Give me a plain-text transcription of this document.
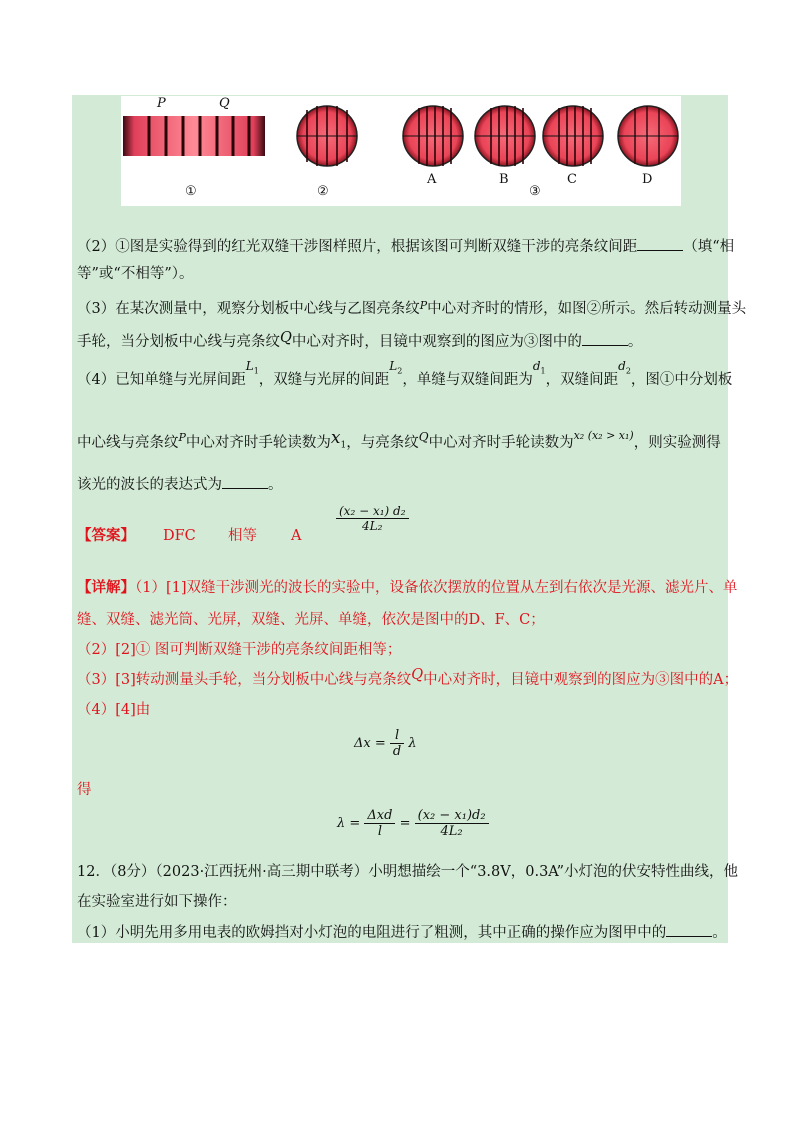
P	Q
①	②
A	B	C	D
③
（2）①图是实验得到的红光双缝干涉图样照片，根据该图可判断双缝干涉的亮条纹间距	（填“相
等”或“不相等”）。
（3）在某次测量中，观察分划板中心线与乙图亮条纹$^P$中心对齐时的情形，如图②所示。然后转动测量头
手轮，当分划板中心线与亮条纹Q中心对齐时，目镜中观察到的图应为③图中的	。
（4）已知单缝与光屏间距$^{L_1}$，双缝与光屏的间距$^{L_2}$，单缝与双缝间距为$^{d_1}$，双缝间距$^{d_2}$，图①中分划板
中心线与亮条纹$^P$中心对齐时手轮读数为$x_1$，与亮条纹$^Q$中心对齐时手轮读数为$^{x_2 (x_2 > x_1)}$，则实验测得
该光的波长的表达式为	。
【答案】 DFC 相等 A
$\frac{\text{(x₂ − x₁) d₂}}{\text{4L₂}}$
【详解】（1）[1]双缝干涉测光的波长的实验中，设备依次摆放的位置从左到右依次是光源、滤光片、单
缝、双缝、滤光筒、光屏，双缝、光屏、单缝，依次是图中的D、F、C；
（2）[2]① 图可判断双缝干涉的亮条纹间距相等；
（3）[3]转动测量头手轮，当分划板中心线与亮条纹Q中心对齐时，目镜中观察到的图应为③图中的A；
（4）[4]由
$\Delta x = \frac{l}{d}$ λ
得
$\lambda = \frac{\text{Δxd}}{l} = \frac{\text{(x₂ − x₁)d₂}}{\text{4L₂}}$
12．（8分）（2023·江西抚州·高三期中联考）小明想描绘一个“3.8V，0.3A”小灯泡的伏安特性曲线，他
在实验室进行如下操作：
（1）小明先用多用电表的欧姆挡对小灯泡的电阻进行了粗测，其中正确的操作应为图甲中的	。
